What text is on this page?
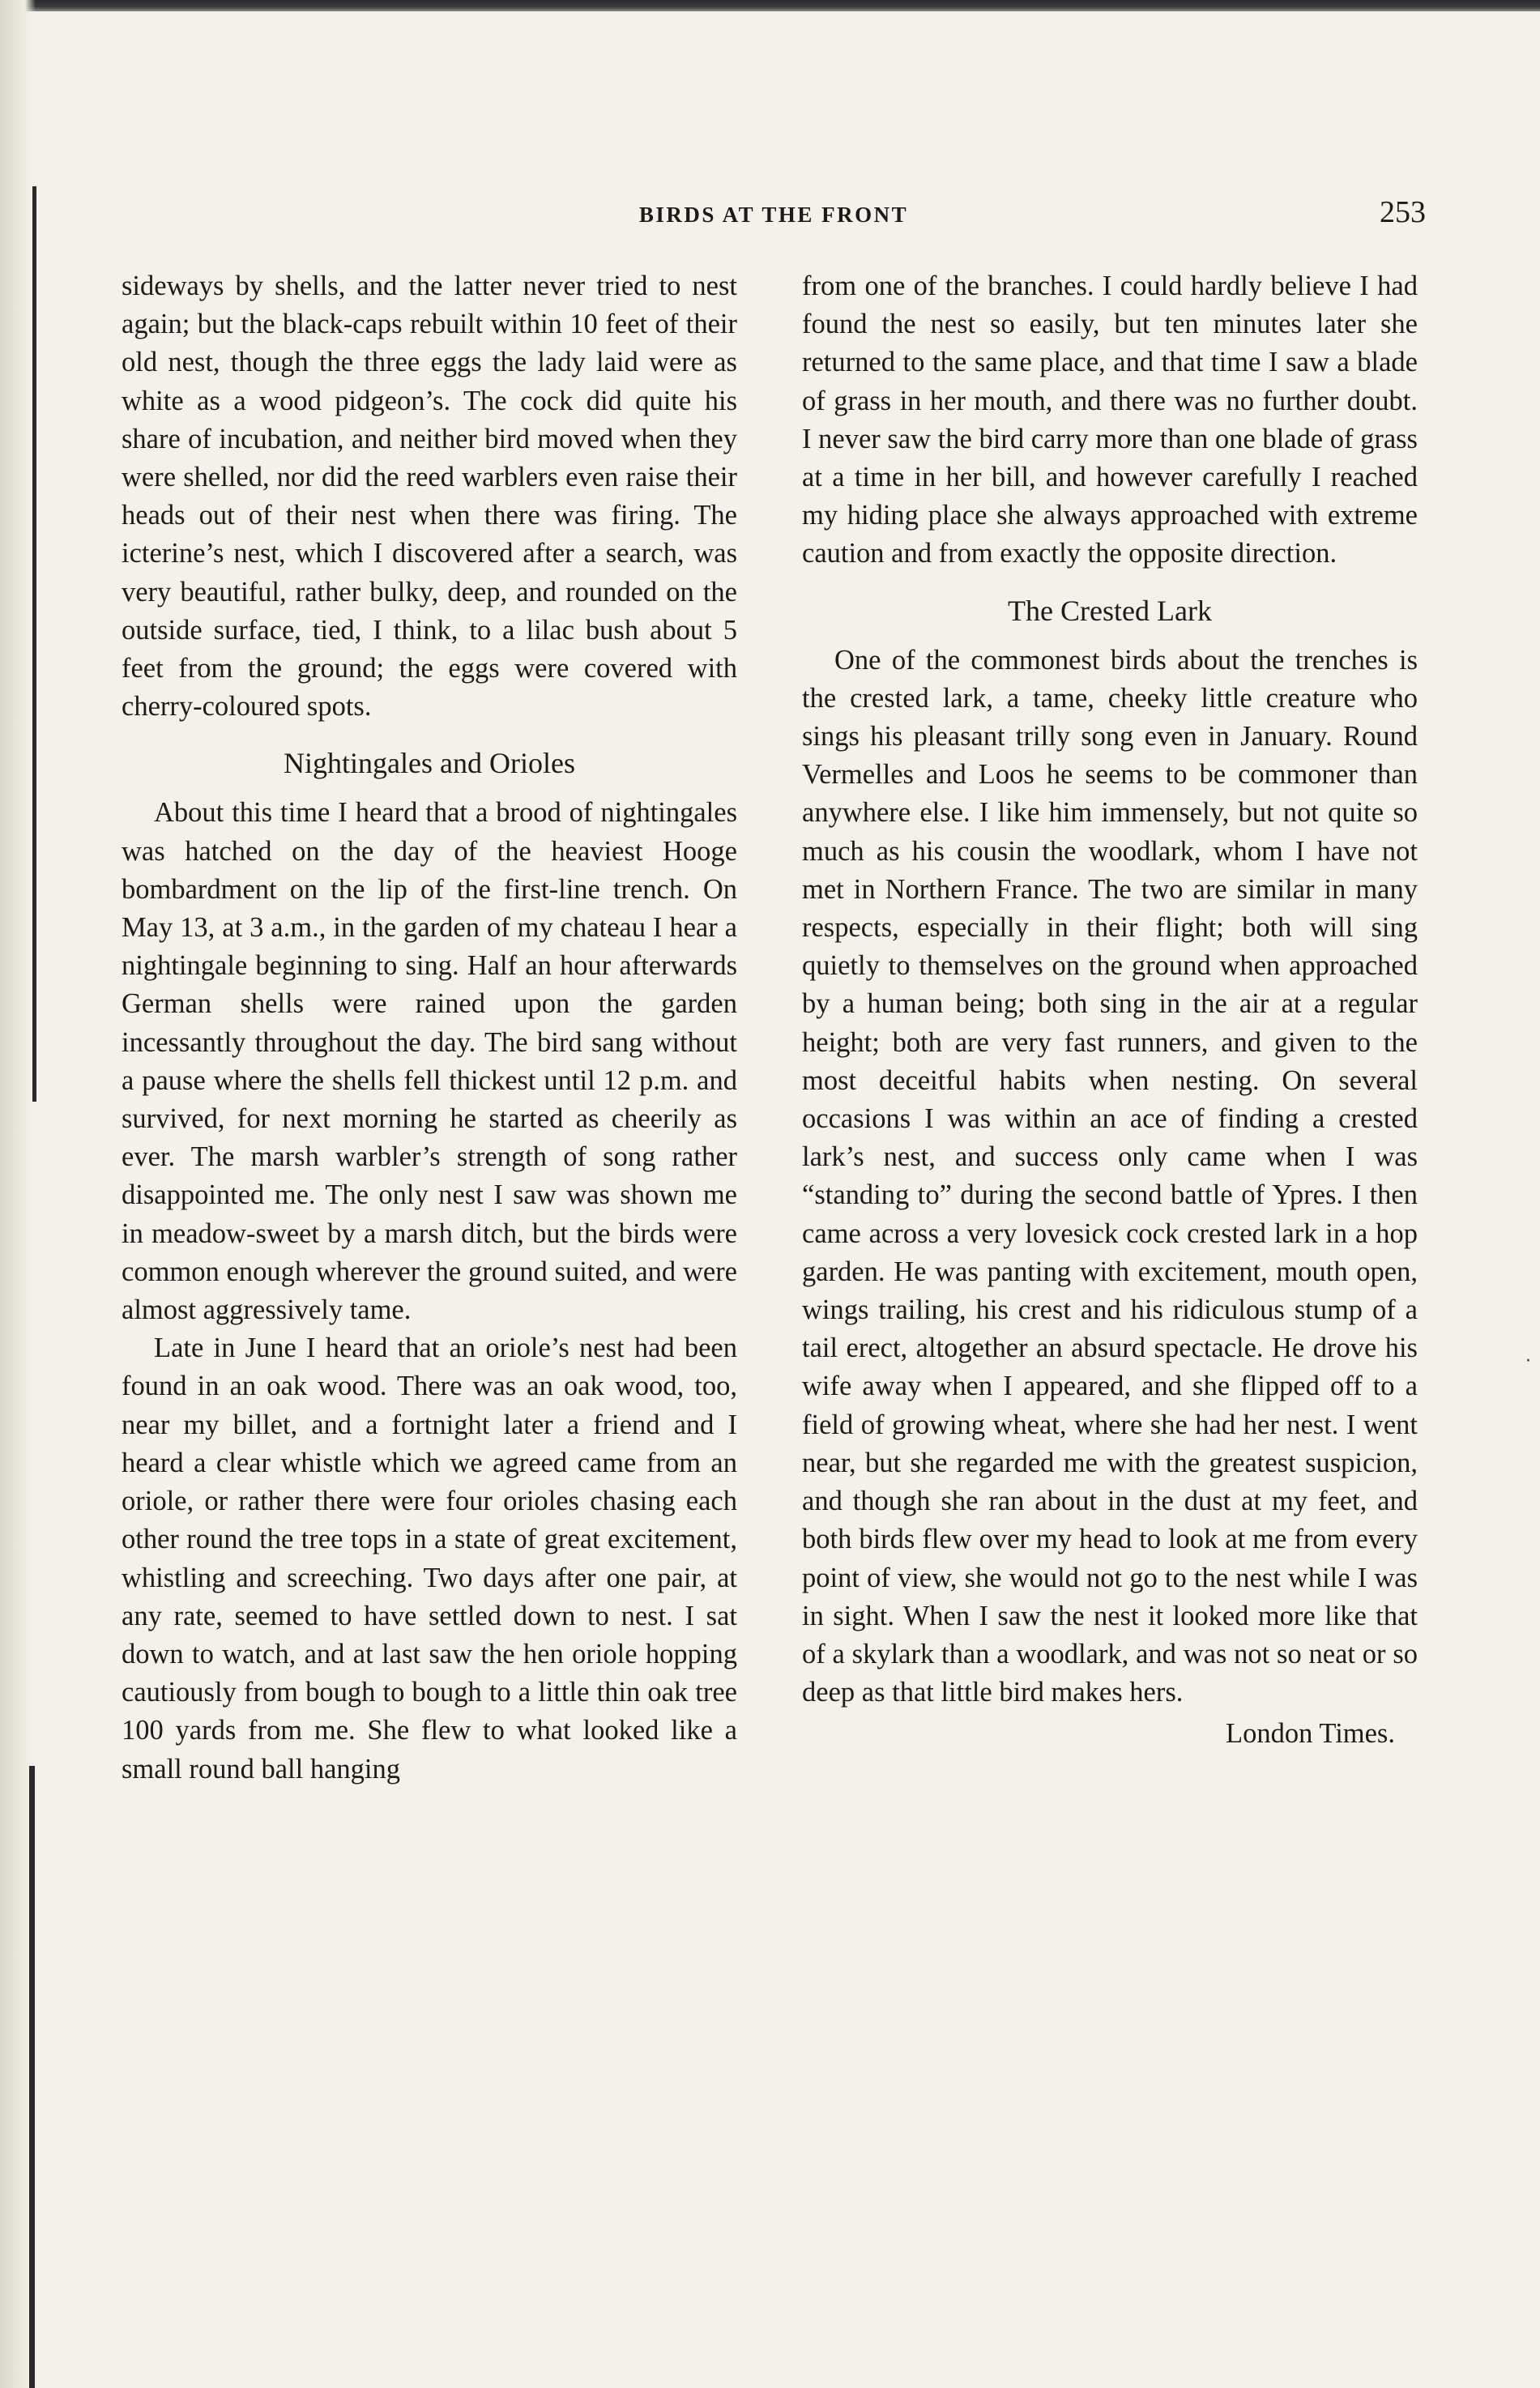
·
BIRDS AT THE FRONT	253

sideways by shells, and the latter never tried to nest again; but the black-caps rebuilt within 10 feet of their old nest, though the three eggs the lady laid were as white as a wood pidgeon’s. The cock did quite his share of incubation, and neither bird moved when they were shelled, nor did the reed warblers even raise their heads out of their nest when there was firing. The icterine’s nest, which I discovered after a search, was very beautiful, rather bulky, deep, and rounded on the outside surface, tied, I think, to a lilac bush about 5 feet from the ground; the eggs were covered with cherry-coloured spots.

Nightingales and Orioles

About this time I heard that a brood of nightingales was hatched on the day of the heaviest Hooge bombardment on the lip of the first-line trench. On May 13, at 3 a.m., in the garden of my chateau I hear a nightingale beginning to sing. Half an hour afterwards German shells were rained upon the garden incessantly throughout the day. The bird sang without a pause where the shells fell thickest until 12 p.m. and survived, for next morning he started as cheerily as ever. The marsh warbler’s strength of song rather disappointed me. The only nest I saw was shown me in meadow-sweet by a marsh ditch, but the birds were common enough wherever the ground suited, and were almost aggressively tame.

Late in June I heard that an oriole’s nest had been found in an oak wood. There was an oak wood, too, near my billet, and a fortnight later a friend and I heard a clear whistle which we agreed came from an oriole, or rather there were four orioles chasing each other round the tree tops in a state of great excitement, whistling and screeching. Two days after one pair, at any rate, seemed to have settled down to nest. I sat down to watch, and at last saw the hen oriole hopping cautiously from bough to bough to a little thin oak tree 100 yards from me. She flew to what looked like a small round ball hanging

from one of the branches. I could hardly believe I had found the nest so easily, but ten minutes later she returned to the same place, and that time I saw a blade of grass in her mouth, and there was no further doubt. I never saw the bird carry more than one blade of grass at a time in her bill, and however carefully I reached my hiding place she always approached with extreme caution and from exactly the opposite direction.

The Crested Lark

One of the commonest birds about the trenches is the crested lark, a tame, cheeky little creature who sings his pleasant trilly song even in January. Round Vermelles and Loos he seems to be commoner than anywhere else. I like him immensely, but not quite so much as his cousin the woodlark, whom I have not met in Northern France. The two are similar in many respects, especially in their flight; both will sing quietly to themselves on the ground when approached by a human being; both sing in the air at a regular height; both are very fast runners, and given to the most deceitful habits when nesting. On several occasions I was within an ace of finding a crested lark’s nest, and success only came when I was “standing to” during the second battle of Ypres. I then came across a very lovesick cock crested lark in a hop garden. He was panting with excitement, mouth open, wings trailing, his crest and his ridiculous stump of a tail erect, altogether an absurd spectacle. He drove his wife away when I appeared, and she flipped off to a field of growing wheat, where she had her nest. I went near, but she regarded me with the greatest suspicion, and though she ran about in the dust at my feet, and both birds flew over my head to look at me from every point of view, she would not go to the nest while I was in sight. When I saw the nest it looked more like that of a skylark than a woodlark, and was not so neat or so deep as that little bird makes hers.

London Times.
